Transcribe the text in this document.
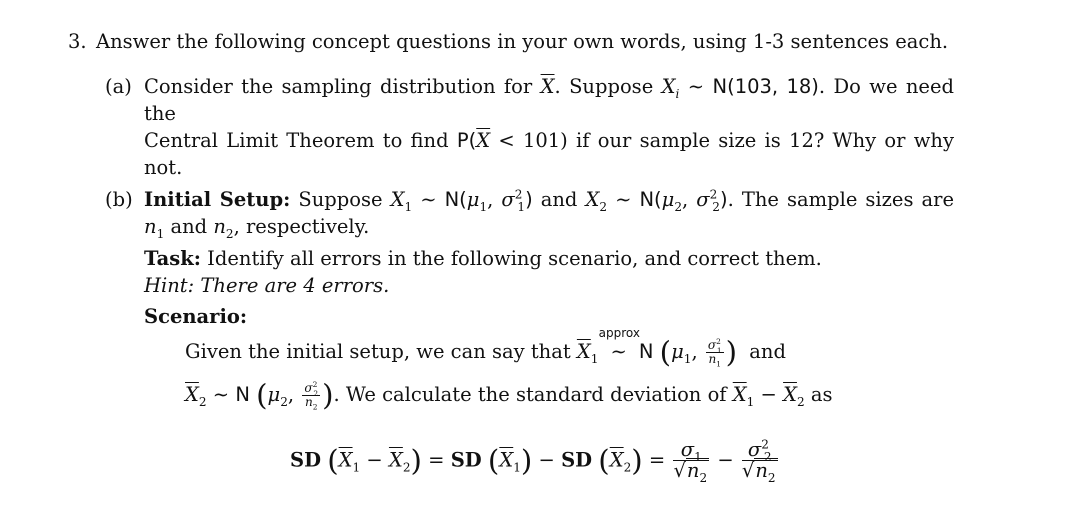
3. Answer the following concept questions in your own words, using 1-3 sentences each.
(a) Consider the sampling distribution for $\overline{X}$. Suppose $X_i$ ∼ N(103, 18). Do we need the
Central Limit Theorem to find $P(\overline{X} < 101)$ if our sample size is 12? Why or why
not.
(b) Initial Setup: Suppose $X_1$ ∼ $N(\mu_1$, $\sigma^2_1$) and $X_2$ ∼ $N(\mu_2$, $\sigma^2_2$). The sample sizes are
$n_1$ and $n_2$, respectively.
Task: Identify all errors in the following scenario, and correct them.
Hint: There are 4 errors.
Scenario:
Given the initial setup, we can say that $\overline{X}_1$
approx
∼ N ($\mu_1$, $\frac{\sigma^2_1}{n_1}$ ) and
$\overline{X}_2$ ∼ N ($\mu_2$, $\frac{\sigma^2_2}{n_2}$ ). We calculate the standard deviation of $\overline{X}_1 - \overline{X}_2$ as
SD $(\overline{X}_1 - \overline{X}_2)$ = SD $(\overline{X}_1)$ − SD $(\overline{X}_2) = \frac{\sigma_1}{√n_2} - \frac{\sigma^2_2}{√n_2}$
